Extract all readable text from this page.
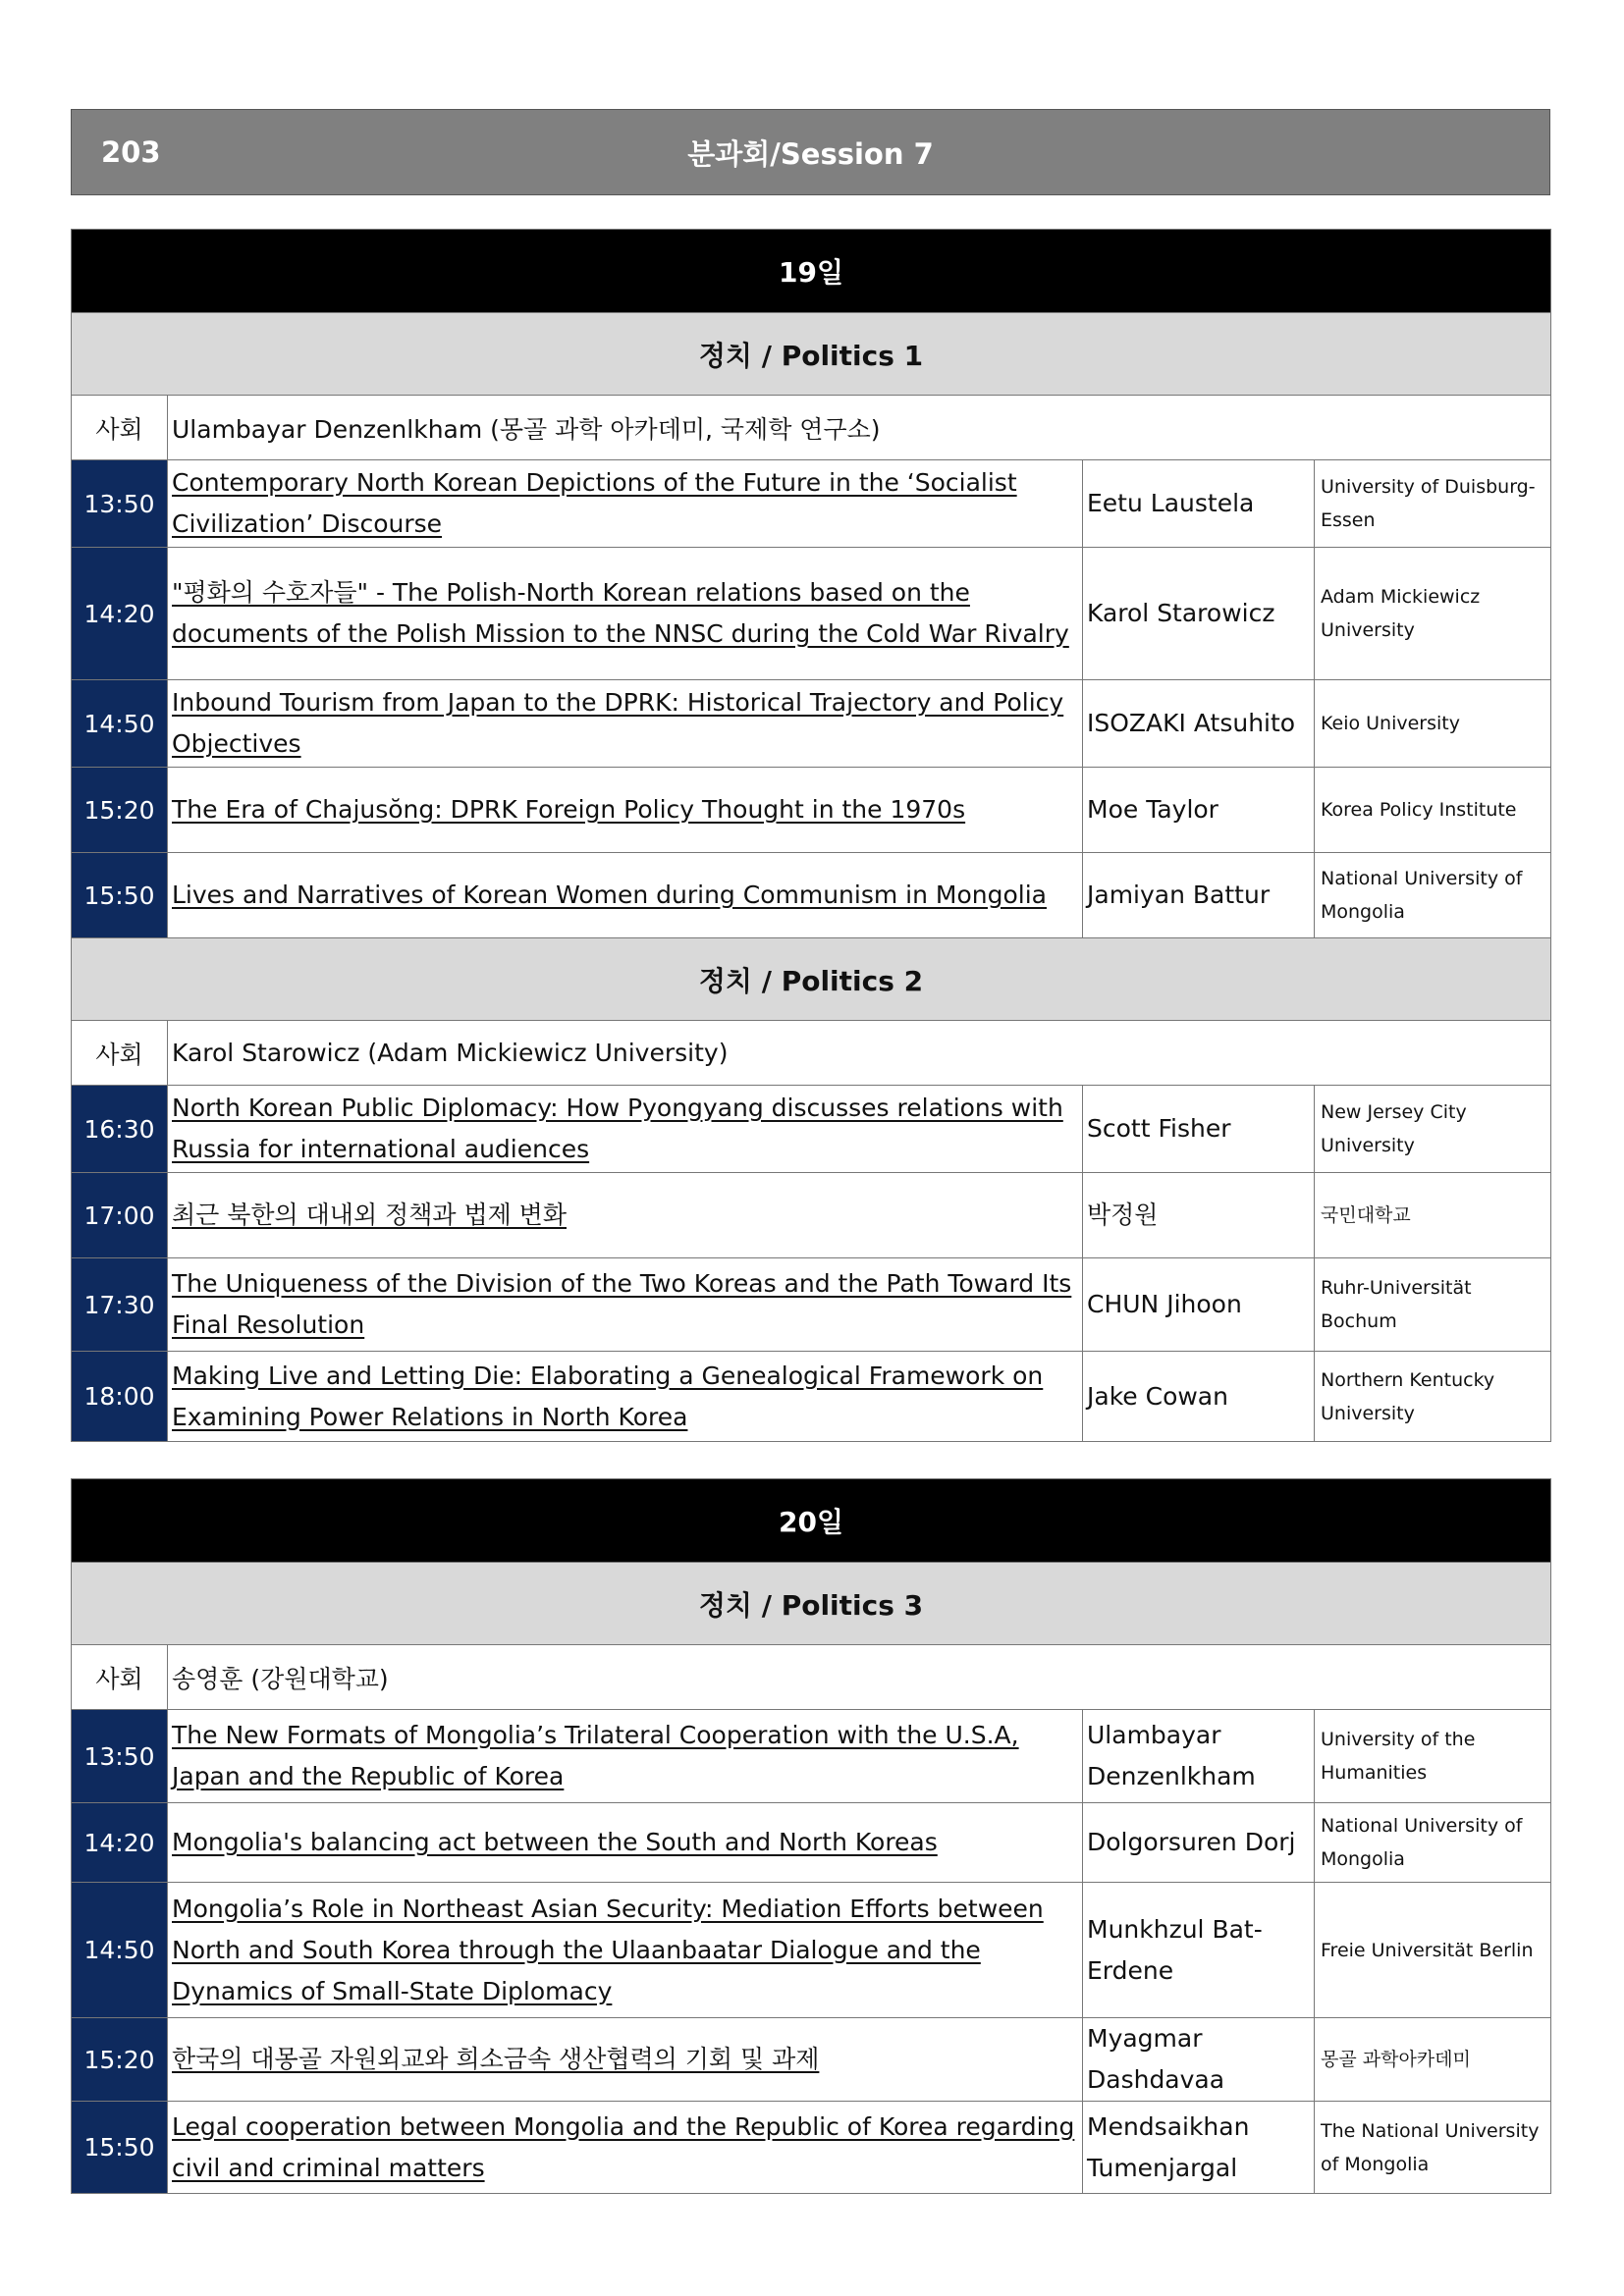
203	분과회/Session 7
19일			
정치 / Politics 1			
사회	Ulambayar Denzenlkham (몽골 과학 아카데미, 국제학 연구소)		
13:50	Contemporary North Korean Depictions of the Future in the ‘Socialist Civilization’ Discourse	Eetu Laustela	University of Duisburg-Essen
14:20	"평화의 수호자들" - The Polish-North Korean relations based on the documents of the Polish Mission to the NNSC during the Cold War Rivalry	Karol Starowicz	Adam Mickiewicz University
14:50	Inbound Tourism from Japan to the DPRK: Historical Trajectory and Policy Objectives	ISOZAKI Atsuhito	Keio University
15:20	The Era of Chajusŏng: DPRK Foreign Policy Thought in the 1970s	Moe Taylor	Korea Policy Institute
15:50	Lives and Narratives of Korean Women during Communism in Mongolia	Jamiyan Battur	National University of Mongolia
정치 / Politics 2			
사회	Karol Starowicz (Adam Mickiewicz University)		
16:30	North Korean Public Diplomacy: How Pyongyang discusses relations with Russia for international audiences	Scott Fisher	New Jersey City University
17:00	최근 북한의 대내외 정책과 법제 변화	박정원	국민대학교
17:30	The Uniqueness of the Division of the Two Koreas and the Path Toward Its Final Resolution	CHUN Jihoon	Ruhr-Universität Bochum
18:00	Making Live and Letting Die: Elaborating a Genealogical Framework on Examining Power Relations in North Korea	Jake Cowan	Northern Kentucky University
20일			
정치 / Politics 3			
사회	송영훈 (강원대학교)		
13:50	The New Formats of Mongolia’s Trilateral Cooperation with the U.S.A, Japan and the Republic of Korea	Ulambayar Denzenlkham	University of the Humanities
14:20	Mongolia's balancing act between the South and North Koreas	Dolgorsuren Dorj	National University of Mongolia
14:50	Mongolia’s Role in Northeast Asian Security: Mediation Efforts between North and South Korea through the Ulaanbaatar Dialogue and the Dynamics of Small-State Diplomacy	Munkhzul Bat-Erdene	Freie Universität Berlin
15:20	한국의 대몽골 자원외교와 희소금속 생산협력의 기회 및 과제	Myagmar Dashdavaa	몽골 과학아카데미
15:50	Legal cooperation between Mongolia and the Republic of Korea regarding civil and criminal matters	Mendsaikhan Tumenjargal	The National University of Mongolia
